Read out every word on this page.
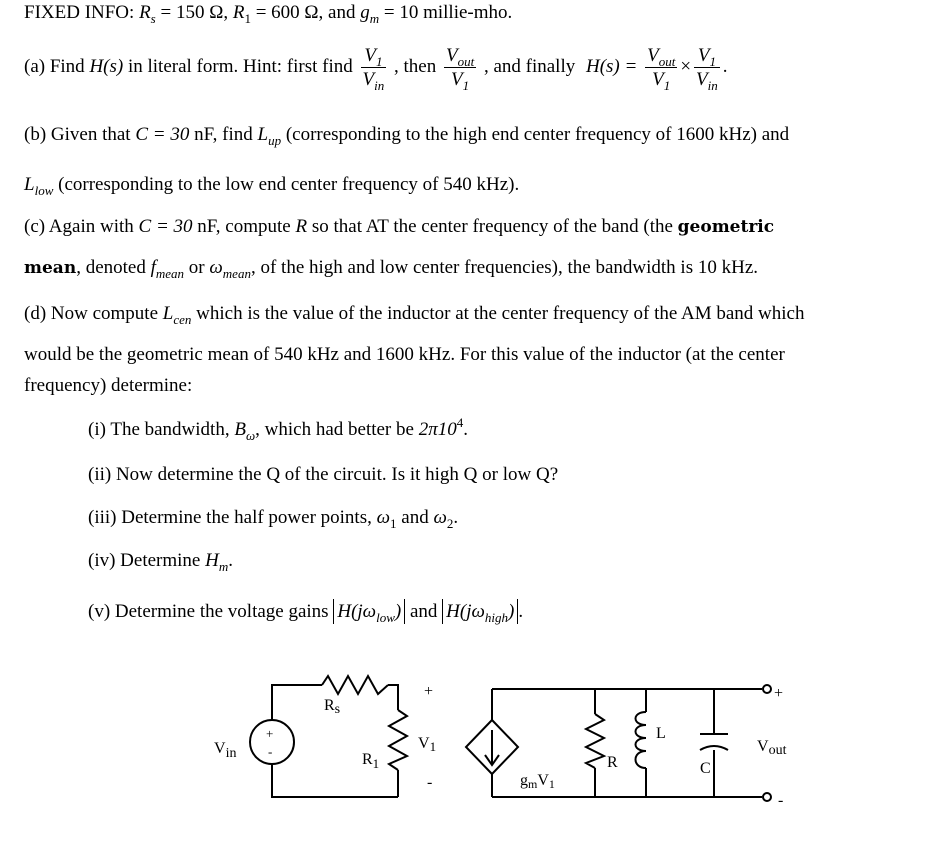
FIXED INFO: $R_s = 150$ Ω, $R_1 = 600$ Ω, and $g_m = 10$ millie-mho.
(a) Find H(s) in literal form. Hint: first find $\frac{V_1}{V_{in}}$ , then $\frac{V_{out}}{V_1}$ , and finally $H(s) = \frac{V_{out}}{V_1} \times \frac{V_1}{V_{in}}$ .
(b) Given that C = 30 nF, find $L_{up}$ (corresponding to the high end center frequency of 1600 kHz) and
$L_{low}$ (corresponding to the low end center frequency of 540 kHz).
(c) Again with C = 30 nF, compute R so that AT the center frequency of the band (the geometric
mean, denoted $f_{mean}$ or $\omega_{mean}$, of the high and low center frequencies), the bandwidth is 10 kHz.
(d) Now compute $L_{cen}$ which is the value of the inductor at the center frequency of the AM band which
would be the geometric mean of 540 kHz and 1600 kHz. For this value of the inductor (at the center
frequency) determine:
(i) The bandwidth, $B_\omega$, which had better be $2\pi 10^4$.
(ii) Now determine the Q of the circuit. Is it high Q or low Q?
(iii) Determine the half power points, $\omega_1$ and $\omega_2$.
(iv) Determine $H_m$.
(v) Determine the voltage gains $H(j\omega_{low})$ and $H(j\omega_{high})$ .
+
-
Vin
Rs
$R_1$
+
V1
-	gmV1
R
L
C
+
Vout
-
